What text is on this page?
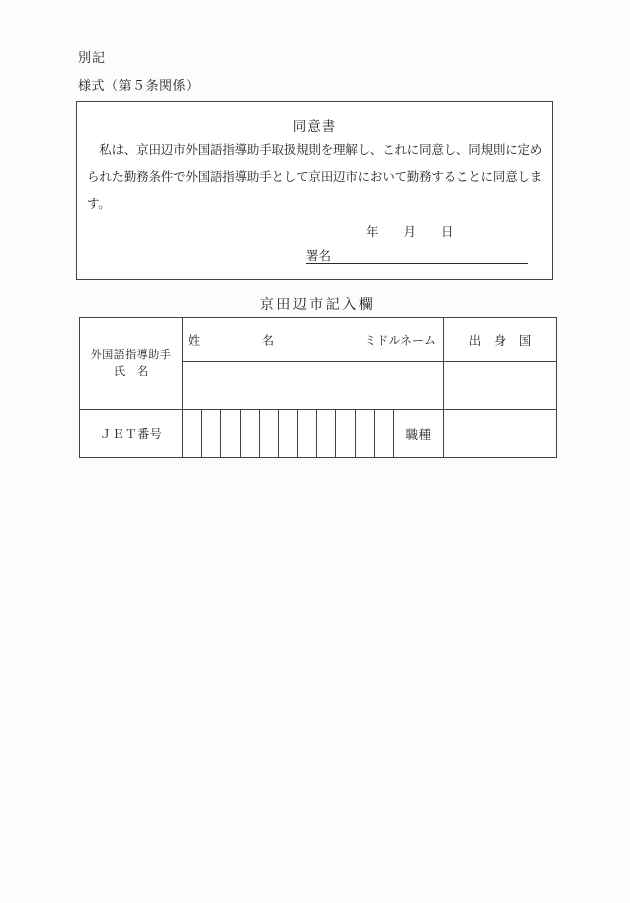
別記
様式（第５条関係）
同意書
　私は、京田辺市外国語指導助手取扱規則を理解し、これに同意し、同規則に定め
られた勤務条件で外国語指導助手として京田辺市において勤務することに同意しま
す。
年　　月　　日
署名
京田辺市記入欄
外国語指導助手
氏　名
姓	名	ミドルネーム	出　身　国
ＪＥＴ番号	職種
